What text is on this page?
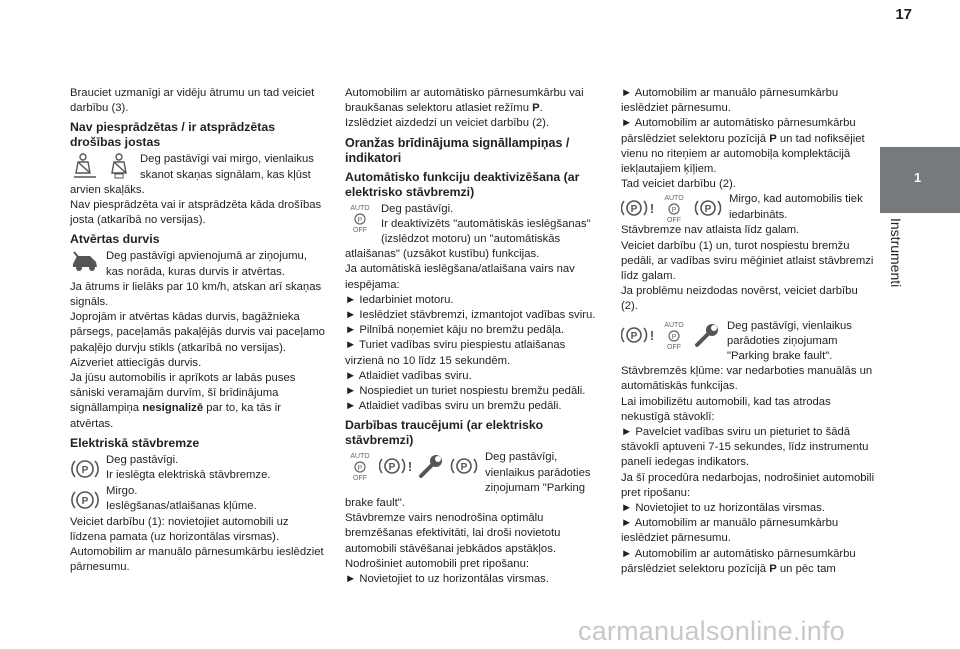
17
1
Instrumenti

Brauciet uzmanīgi ar vidēju ātrumu un tad veiciet darbību (3).

Nav piesprādzētas / ir atsprādzētas drošības jostas

Deg pastāvīgi vai mirgo, vienlaikus skanot skaņas signālam, kas kļūst arvien skaļāks.

Nav piesprādzēta vai ir atsprādzēta kāda drošības josta (atkarībā no versijas).

Atvērtas durvis

Deg pastāvīgi apvienojumā ar ziņojumu, kas norāda, kuras durvis ir atvērtas.

Ja ātrums ir lielāks par 10 km/h, atskan arī skaņas signāls.

Joprojām ir atvērtas kādas durvis, bagāžnieka pārsegs, paceļamās pakaļējās durvis vai paceļamo pakaļējo durvju stikls (atkarībā no versijas).

Aizveriet attiecīgās durvis.

Ja jūsu automobilis ir aprīkots ar labās puses sāniski veramajām durvīm, šī brīdinājuma signāllampiņa nesignalizē par to, ka tās ir atvērtas.

Elektriskā stāvbremze
P

Deg pastāvīgi.

Ir ieslēgta elektriskā stāvbremze.

P

Mirgo.

Ieslēgšanas/atlaišanas kļūme.

Veiciet darbību (1): novietojiet automobili uz līdzena pamata (uz horizontālas virsmas).

Automobilim ar manuālo pārnesumkārbu ieslēdziet pārnesumu.

Automobilim ar automātisko pārnesumkārbu vai braukšanas selektoru atlasiet režīmu P.

Izslēdziet aizdedzi un veiciet darbību (2).

Oranžas brīdinājuma signāllampiņas / indikatori
Automātisko funkciju deaktivizēšana (ar elektrisko stāvbremzi)
AUTO
P
OFF

Deg pastāvīgi.

Ir deaktivizēts "automātiskās ieslēgšanas" (izslēdzot motoru) un "automātiskās atlaišanas" (uzsākot kustību) funkcijas.

Ja automātiskā ieslēgšana/atlaišana vairs nav iespējama:

► Iedarbiniet motoru.

► Ieslēdziet stāvbremzi, izmantojot vadības sviru.

► Pilnībā noņemiet kāju no bremžu pedāļa.

► Turiet vadības sviru piespiestu atlaišanas virzienā no 10 līdz 15 sekundēm.

► Atlaidiet vadības sviru.

► Nospiediet un turiet nospiestu bremžu pedāli.

► Atlaidiet vadības sviru un bremžu pedāli.

Darbības traucējumi (ar elektrisko stāvbremzi)
AUTO
P
OFF
P !	P

Deg pastāvīgi, vienlaikus parādoties ziņojumam "Parking brake fault".

Stāvbremze vairs nenodrošina optimālu bremzēšanas efektivitāti, lai droši novietotu automobili stāvēšanai jebkādos apstākļos.

Nodrošiniet automobili pret ripošanu:

► Novietojiet to uz horizontālas virsmas.

► Automobilim ar manuālo pārnesumkārbu ieslēdziet pārnesumu.

► Automobilim ar automātisko pārnesumkārbu pārslēdziet selektoru pozīcijā P un tad nofiksējiet vienu no riteņiem ar automobiļa komplektācijā iekļautajiem ķīļiem.

Tad veiciet darbību (2).

P !
AUTO
P
OFF
P

Mirgo, kad automobilis tiek iedarbināts.

Stāvbremze nav atlaista līdz galam.

Veiciet darbību (1) un, turot nospiestu bremžu pedāli, ar vadības sviru mēģiniet atlaist stāvbremzi līdz galam.

Ja problēmu neizdodas novērst, veiciet darbību (2).

P !
AUTO
P
OFF

Deg pastāvīgi, vienlaikus parādoties ziņojumam "Parking brake fault".

Stāvbremzēs kļūme: var nedarboties manuālās un automātiskās funkcijas.

Lai imobilizētu automobili, kad tas atrodas nekustīgā stāvoklī:

► Pavelciet vadības sviru un pieturiet to šādā stāvoklī aptuveni 7-15 sekundes, līdz instrumentu panelī iedegas indikators.

Ja šī procedūra nedarbojas, nodrošiniet automobili pret ripošanu:

► Novietojiet to uz horizontālas virsmas.

► Automobilim ar manuālo pārnesumkārbu ieslēdziet pārnesumu.

► Automobilim ar automātisko pārnesumkārbu pārslēdziet selektoru pozīcijā P un pēc tam

carmanualsonline.info
